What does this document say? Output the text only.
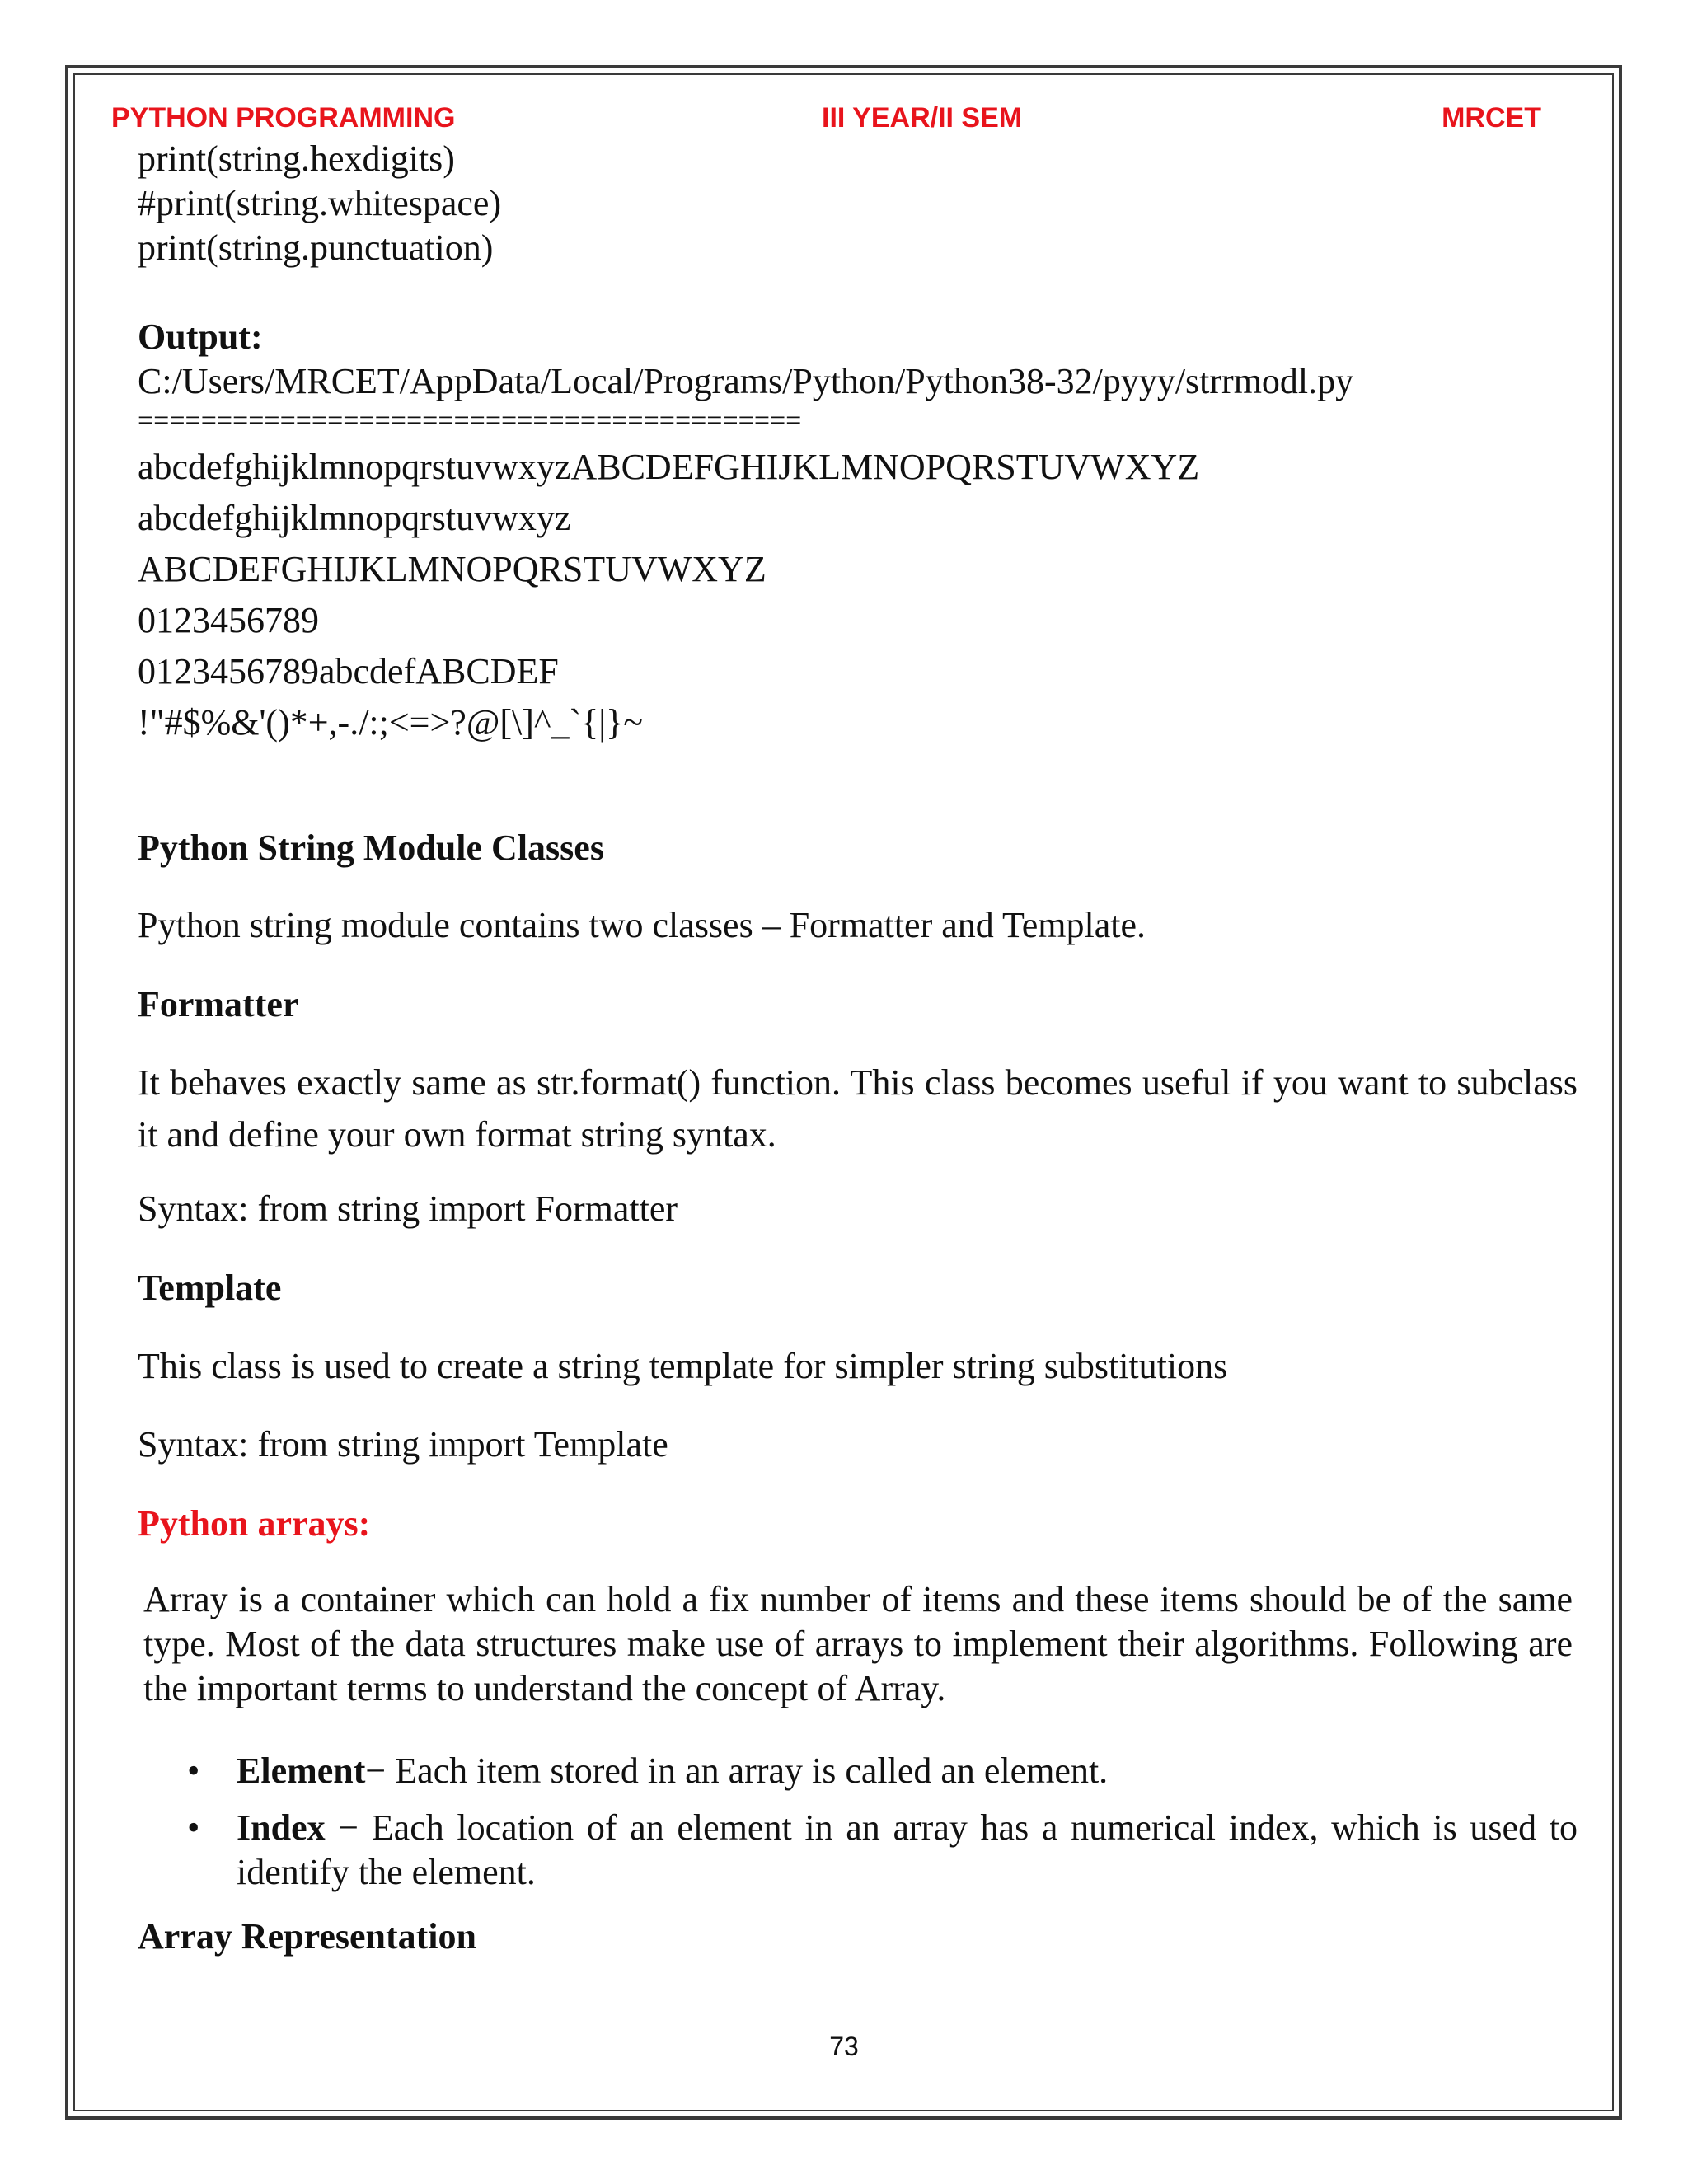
PYTHON PROGRAMMING	III YEAR/II SEM	MRCET
print(string.hexdigits)
#print(string.whitespace)
print(string.punctuation)
Output:
C:/Users/MRCET/AppData/Local/Programs/Python/Python38-32/pyyy/strrmodl.py
==========================================
abcdefghijklmnopqrstuvwxyzABCDEFGHIJKLMNOPQRSTUVWXYZ
abcdefghijklmnopqrstuvwxyz
ABCDEFGHIJKLMNOPQRSTUVWXYZ
0123456789
0123456789abcdefABCDEF
!"#$%&'()*+,-./:;<=>?@[\]^_`{|}~
Python String Module Classes
Python string module contains two classes – Formatter and Template.
Formatter
It behaves exactly same as str.format() function. This class becomes useful if you want to subclass it and define your own format string syntax.
Syntax: from string import Formatter
Template
This class is used to create a string template for simpler string substitutions
Syntax: from string import Template
Python arrays:
Array is a container which can hold a fix number of items and these items should be of the same type. Most of the data structures make use of arrays to implement their algorithms. Following are the important terms to understand the concept of Array.
• Element− Each item stored in an array is called an element.
• Index − Each location of an element in an array has a numerical index, which is used to identify the element.
Array Representation
73
